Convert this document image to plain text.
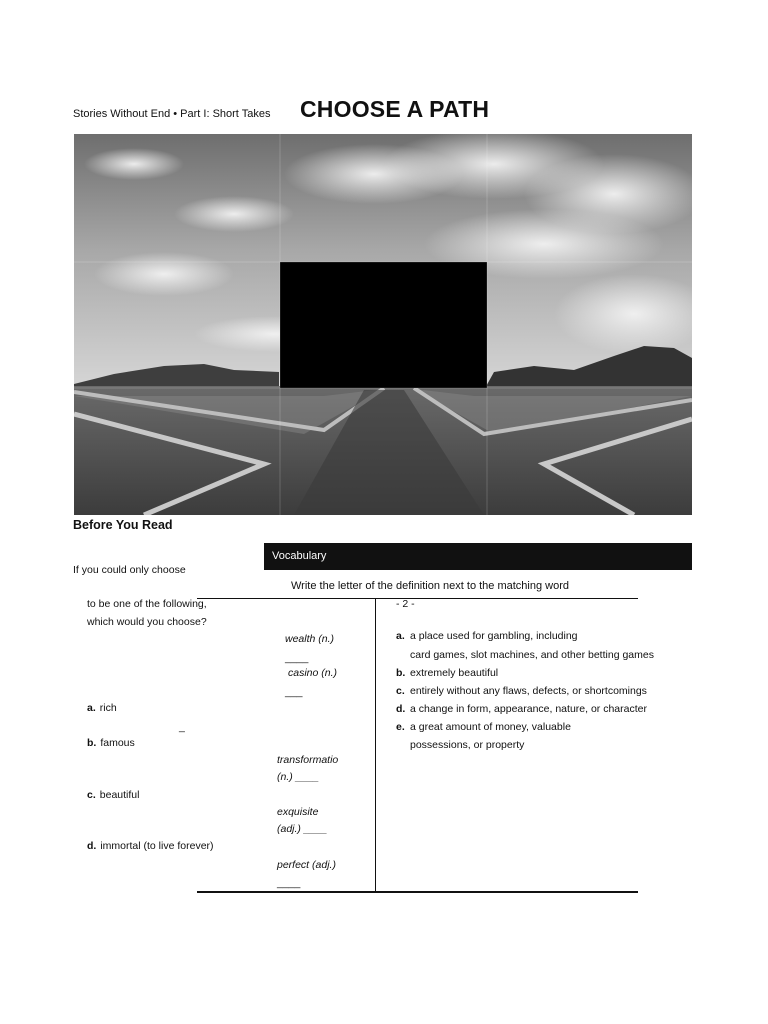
Stories Without End • Part I: Short Takes CHOOSE A PATH
Before You Read
Vocabulary
If you could only choose
Write the letter of the definition next to the matching word
to be one of the following,
which would you choose?
- 2 -
a. rich
_
b. famous
c. beautiful
d. immortal (to live forever)
wealth (n.)
____
casino (n.)
___
transformatio
(n.) ____
exquisite
(adj.) ____
perfect (adj.)
____
a. a place used for gambling, including
card games, slot machines, and other betting games
b. extremely beautiful
c. entirely without any flaws, defects, or shortcomings
d. a change in form, appearance, nature, or character
e. a great amount of money, valuable
possessions, or property
